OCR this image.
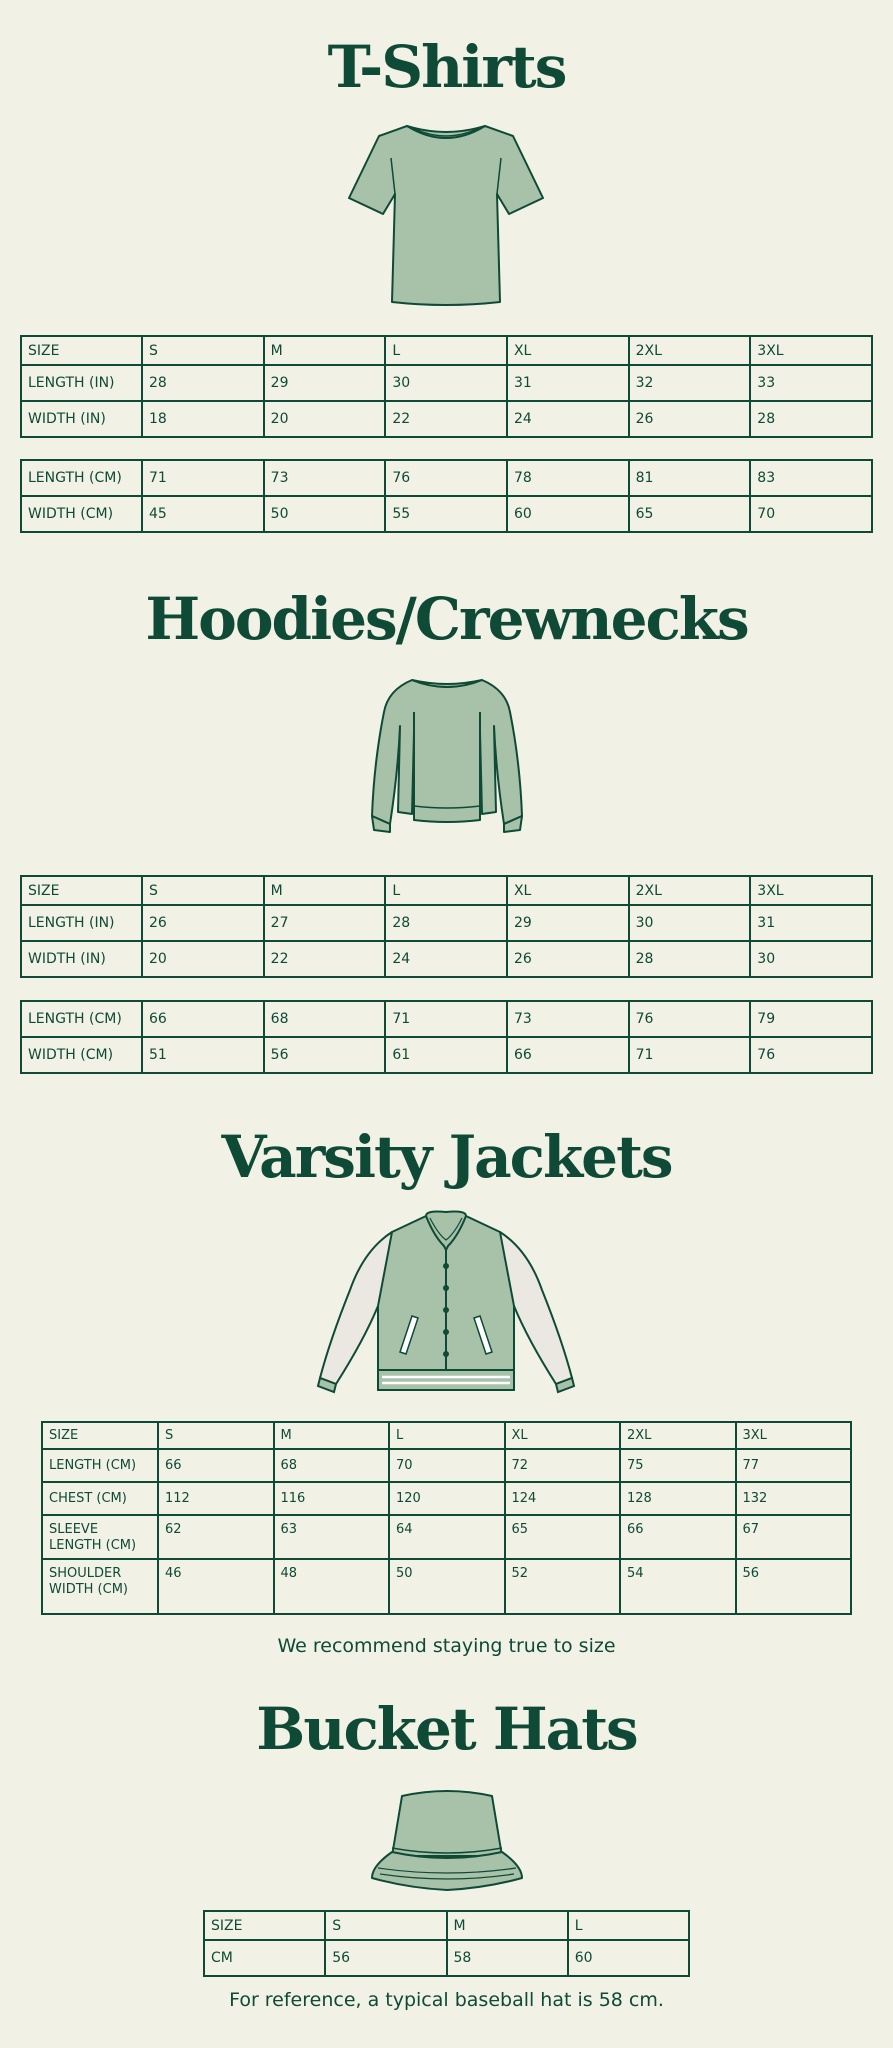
T-Shirts
SIZE	S	M	L	XL	2XL	3XL
LENGTH (IN)	28	29	30	31	32	33
WIDTH (IN)	18	20	22	24	26	28
LENGTH (CM)	71	73	76	78	81	83
WIDTH (CM)	45	50	55	60	65	70
Hoodies/Crewnecks
SIZE	S	M	L	XL	2XL	3XL
LENGTH (IN)	26	27	28	29	30	31
WIDTH (IN)	20	22	24	26	28	30
LENGTH (CM)	66	68	71	73	76	79
WIDTH (CM)	51	56	61	66	71	76
Varsity Jackets
SIZE	S	M	L	XL	2XL	3XL
LENGTH (CM)	66	68	70	72	75	77
CHEST (CM)	112	116	120	124	128	132
SLEEVE
LENGTH (CM)	62	63	64	65	66	67
SHOULDER
WIDTH (CM)	46	48	50	52	54	56
We recommend staying true to size
Bucket Hats
SIZE	S	M	L
CM	56	58	60
For reference, a typical baseball hat is 58 cm.
